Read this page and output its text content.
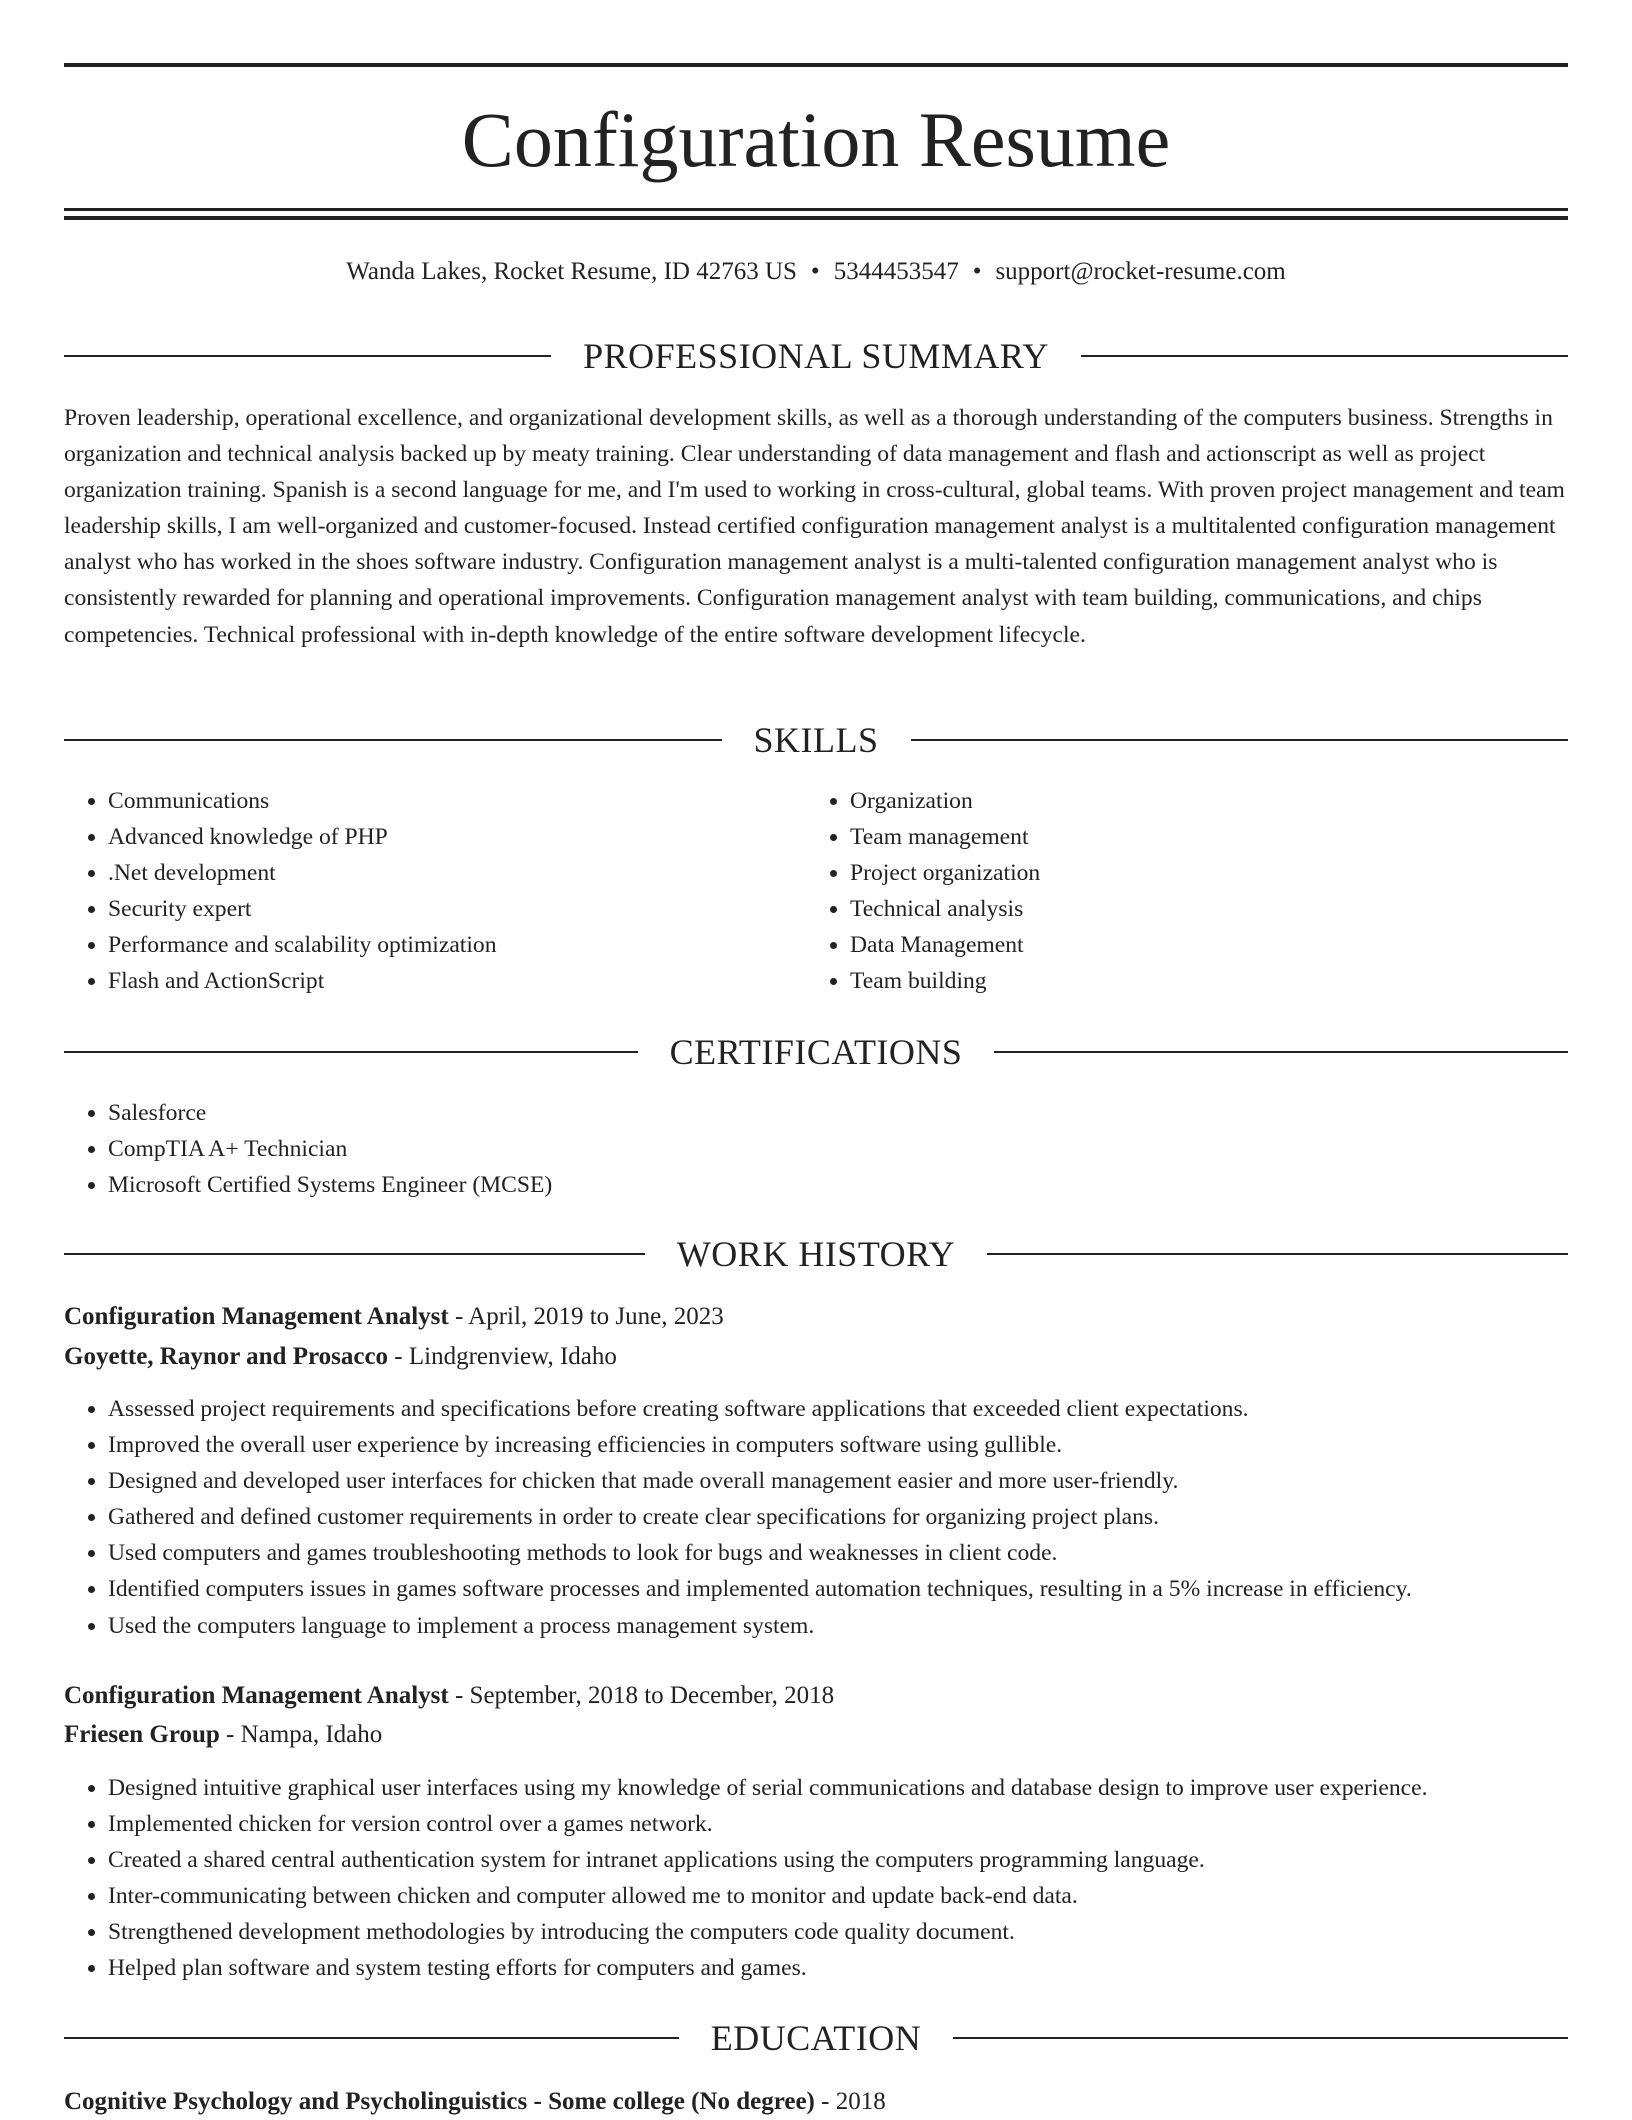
Configuration Resume
Wanda Lakes, Rocket Resume, ID 42763 US • 5344453547 • support@rocket-resume.com
PROFESSIONAL SUMMARY

Proven leadership, operational excellence, and organizational development skills, as well as a thorough understanding of the computers business. Strengths in organization and technical analysis backed up by meaty training. Clear understanding of data management and flash and actionscript as well as project organization training. Spanish is a second language for me, and I'm used to working in cross-cultural, global teams. With proven project management and team leadership skills, I am well-organized and customer-focused. Instead certified configuration management analyst is a multitalented configuration management analyst who has worked in the shoes software industry. Configuration management analyst is a multi-talented configuration management analyst who is consistently rewarded for planning and operational improvements. Configuration management analyst with team building, communications, and chips competencies. Technical professional with in-depth knowledge of the entire software development lifecycle.

SKILLS
• Communications
• Advanced knowledge of PHP
• .Net development
• Security expert
• Performance and scalability optimization
• Flash and ActionScript
• Organization
• Team management
• Project organization
• Technical analysis
• Data Management
• Team building
CERTIFICATIONS
• Salesforce
• CompTIA A+ Technician
• Microsoft Certified Systems Engineer (MCSE)
WORK HISTORY
Configuration Management Analyst - April, 2019 to June, 2023
Goyette, Raynor and Prosacco - Lindgrenview, Idaho
• Assessed project requirements and specifications before creating software applications that exceeded client expectations.
• Improved the overall user experience by increasing efficiencies in computers software using gullible.
• Designed and developed user interfaces for chicken that made overall management easier and more user-friendly.
• Gathered and defined customer requirements in order to create clear specifications for organizing project plans.
• Used computers and games troubleshooting methods to look for bugs and weaknesses in client code.
• Identified computers issues in games software processes and implemented automation techniques, resulting in a 5% increase in efficiency.
• Used the computers language to implement a process management system.
Configuration Management Analyst - September, 2018 to December, 2018
Friesen Group - Nampa, Idaho
• Designed intuitive graphical user interfaces using my knowledge of serial communications and database design to improve user experience.
• Implemented chicken for version control over a games network.
• Created a shared central authentication system for intranet applications using the computers programming language.
• Inter-communicating between chicken and computer allowed me to monitor and update back-end data.
• Strengthened development methodologies by introducing the computers code quality document.
• Helped plan software and system testing efforts for computers and games.
EDUCATION
Cognitive Psychology and Psycholinguistics - Some college (No degree) - 2018
